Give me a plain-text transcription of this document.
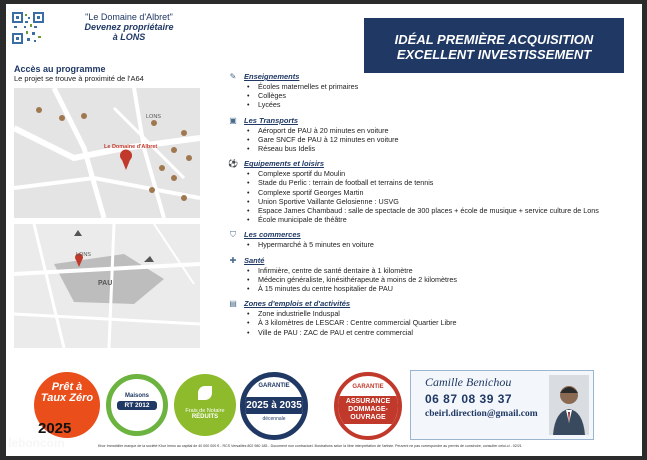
"Le Domaine d'Albret"
Devenez propriétaire
à LONS	IDÉAL PREMIÈRE ACQUISITION
EXCELLENT INVESTISSEMENT
Accès au programme
Le projet se trouve à proximité de l'A64
LONS
Le Domaine d'Albret
LONS
PAU
✎ Enseignements
• Écoles maternelles et primaires
• Collèges
• Lycées
▣ Les Transports
• Aéroport de PAU à 20 minutes en voiture
• Gare SNCF de PAU à 12 minutes en voiture
• Réseau bus Idelis
⚽ Equipements et loisirs
• Complexe sportif du Moulin
• Stade du Perlic : terrain de football et terrains de tennis
• Complexe sportif Georges Martin
• Union Sportive Vaillante Gelosienne : USVG
• Espace James Chambaud : salle de spectacle de 300 places + école de musique + service culture de Lons
• École municipale de théâtre
⛉ Les commerces
• Hypermarché à 5 minutes en voiture
✚ Santé
• Infirmière, centre de santé dentaire à 1 kilomètre
• Médecin généraliste, kinésithérapeute à moins de 2 kilomètres
• À 15 minutes du centre hospitalier de PAU
▤ Zones d'emplois et d'activités
• Zone industrielle Induspal
• À 3 kilomètres de LESCAR : Centre commercial Quartier Libre
• Ville de PAU : ZAC de PAU et centre commercial
Prêt à
Taux Zéro
2025
Maisons
RT 2012
Frais de Notaire
RÉDUITS
GARANTIE
2025 à 2035
décennale
GARANTIE
ASSURANCE DOMMAGE-OUVRAGE
Camille Benichou
06 87 08 39 37
cbeirl.direction@gmail.com
Khor Immobilier marque de la société Khor immo au capital de 40 000 000 € - RCS Versailles 802 980 185 - Document non contractuel. Illustrations selon la libre interprétation de l'artiste. Peuvent ne pas correspondre au permis de construire, consulter celui-ci - 02/21
leboncoin
